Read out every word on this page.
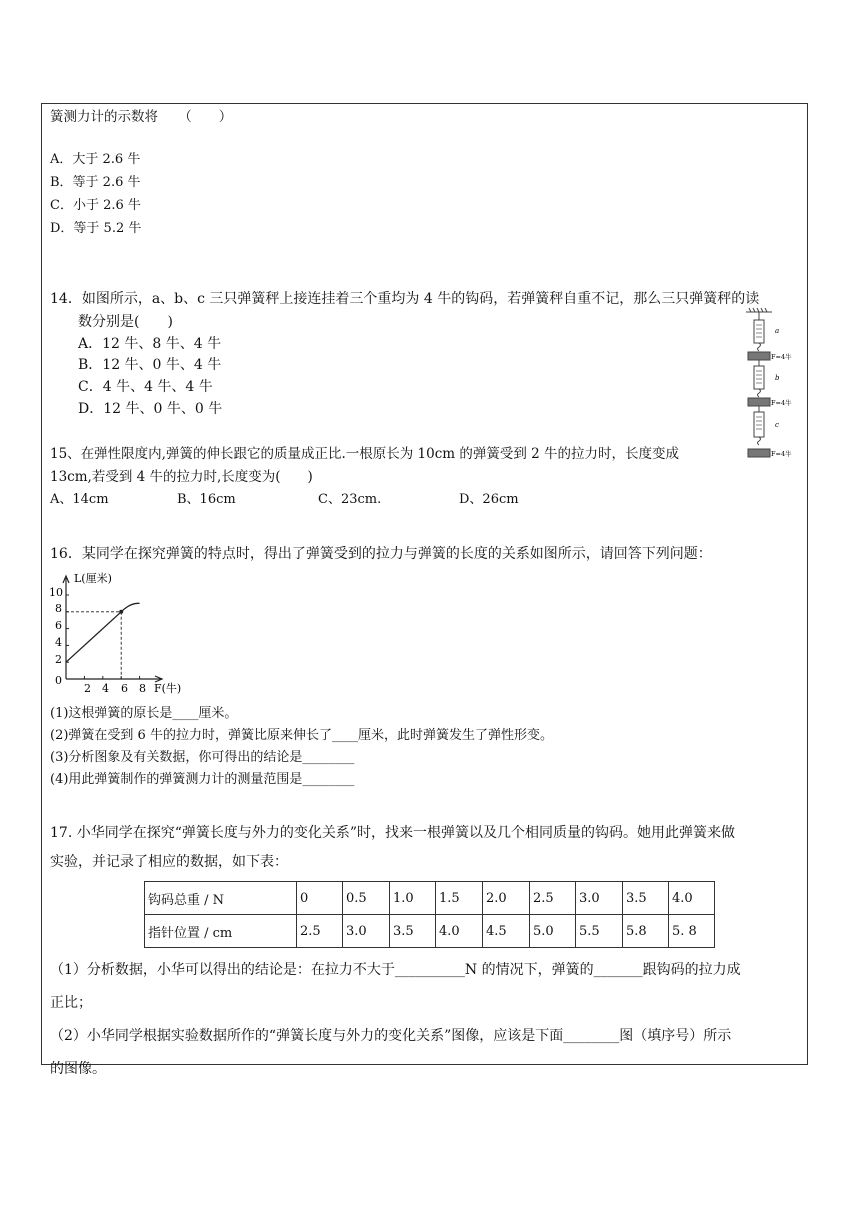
簧测力计的示数将　　（　　）
A．大于 2.6 牛
B．等于 2.6 牛
C．小于 2.6 牛
D．等于 5.2 牛
14．如图所示，a、b、c 三只弹簧秤上接连挂着三个重均为 4 牛的钩码，若弹簧秤自重不记，那么三只弹簧秤的读
数分别是(　　)
A．12 牛、8 牛、4 牛
B．12 牛、0 牛、4 牛
C．4 牛、4 牛、4 牛
D．12 牛、0 牛、0 牛
a
b
c
F=4牛
F=4牛
F=4牛
15、在弹性限度内,弹簧的伸长跟它的质量成正比.一根原长为 10cm 的弹簧受到 2 牛的拉力时，长度变成
13cm,若受到 4 牛的拉力时,长度变为(　　)
A、14cm	B、16cm	C、23cm.	D、26cm
16．某同学在探究弹簧的特点时，得出了弹簧受到的拉力与弹簧的长度的关系如图所示，请回答下列问题：
L(厘米)
F(牛)
10
8
6
4
2
0
2 4 6 8
(1)这根弹簧的原长是____厘米。
(2)弹簧在受到 6 牛的拉力时，弹簧比原来伸长了____厘米，此时弹簧发生了弹性形变。
(3)分析图象及有关数据，你可得出的结论是________
(4)用此弹簧制作的弹簧测力计的测量范围是________
17. 小华同学在探究“弹簧长度与外力的变化关系”时，找来一根弹簧以及几个相同质量的钩码。她用此弹簧来做
实验，并记录了相应的数据，如下表：
钩码总重 / N	0	0.5	1.0	1.5	2.0	2.5	3.0	3.5	4.0
指针位置 / cm	2.5	3.0	3.5	4.0	4.5	5.0	5.5	5.8	5. 8
（1）分析数据，小华可以得出的结论是：在拉力不大于__________N 的情况下，弹簧的_______跟钩码的拉力成
正比；
（2）小华同学根据实验数据所作的“弹簧长度与外力的变化关系”图像，应该是下面________图（填序号）所示
的图像。
